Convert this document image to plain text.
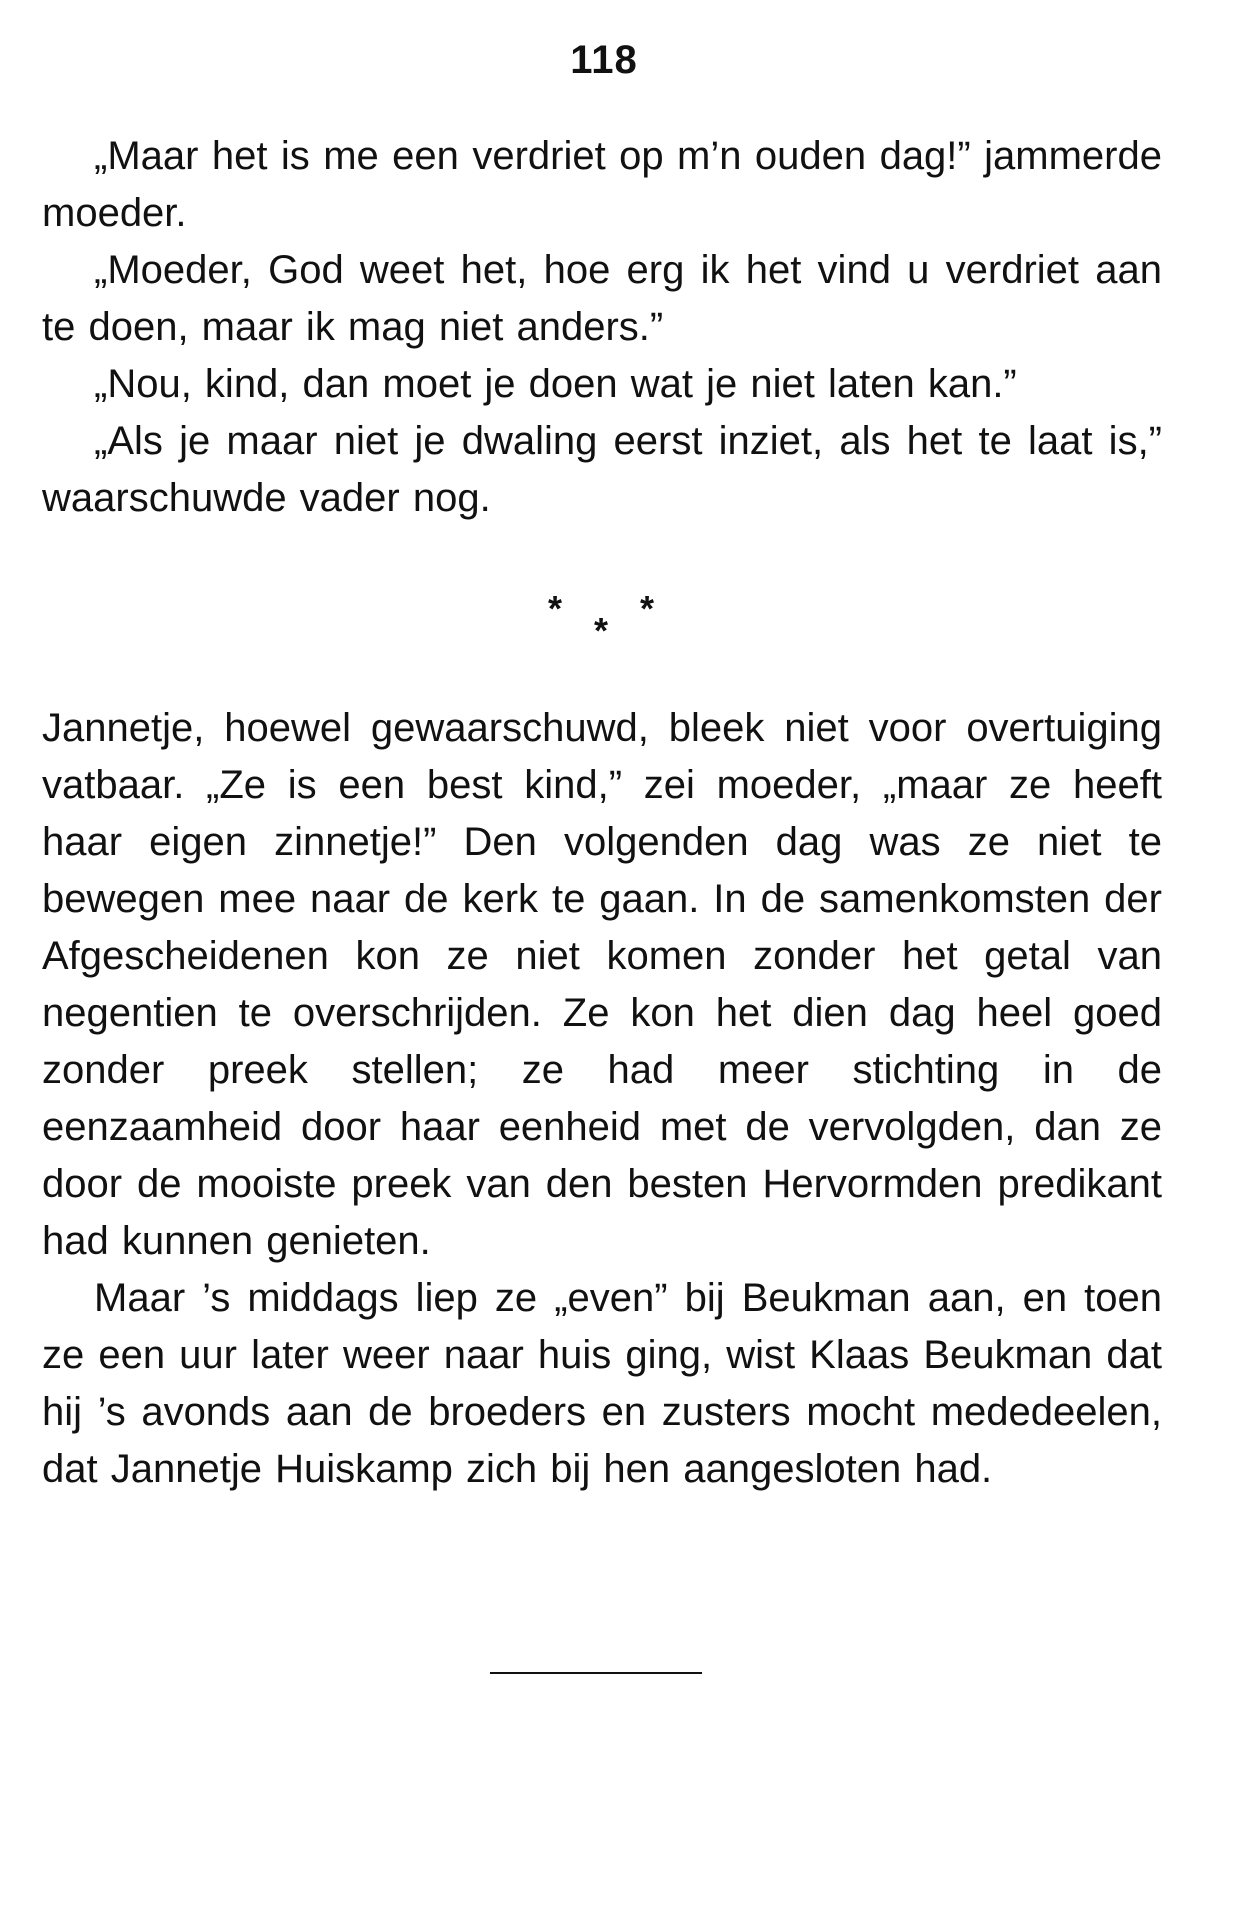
118

„Maar het is me een verdriet op m’n ouden dag!” jammerde moeder.

„Moeder, God weet het, hoe erg ik het vind u verdriet aan te doen, maar ik mag niet anders.”

„Nou, kind, dan moet je doen wat je niet laten kan.”

„Als je maar niet je dwaling eerst inziet, als het te laat is,” waarschuwde vader nog.

*
*
*

Jannetje, hoewel gewaarschuwd, bleek niet voor overtuiging vatbaar. „Ze is een best kind,” zei moeder, „maar ze heeft haar eigen zinnetje!” Den volgenden dag was ze niet te bewegen mee naar de kerk te gaan. In de samenkomsten der Afgescheidenen kon ze niet komen zonder het getal van negentien te overschrijden. Ze kon het dien dag heel goed zonder preek stellen; ze had meer stichting in de eenzaamheid door haar eenheid met de vervolgden, dan ze door de mooiste preek van den besten Hervormden predikant had kunnen genieten.

Maar ’s middags liep ze „even” bij Beukman aan, en toen ze een uur later weer naar huis ging, wist Klaas Beukman dat hij ’s avonds aan de broeders en zusters mocht mededeelen, dat Jannetje Huiskamp zich bij hen aangesloten had.
